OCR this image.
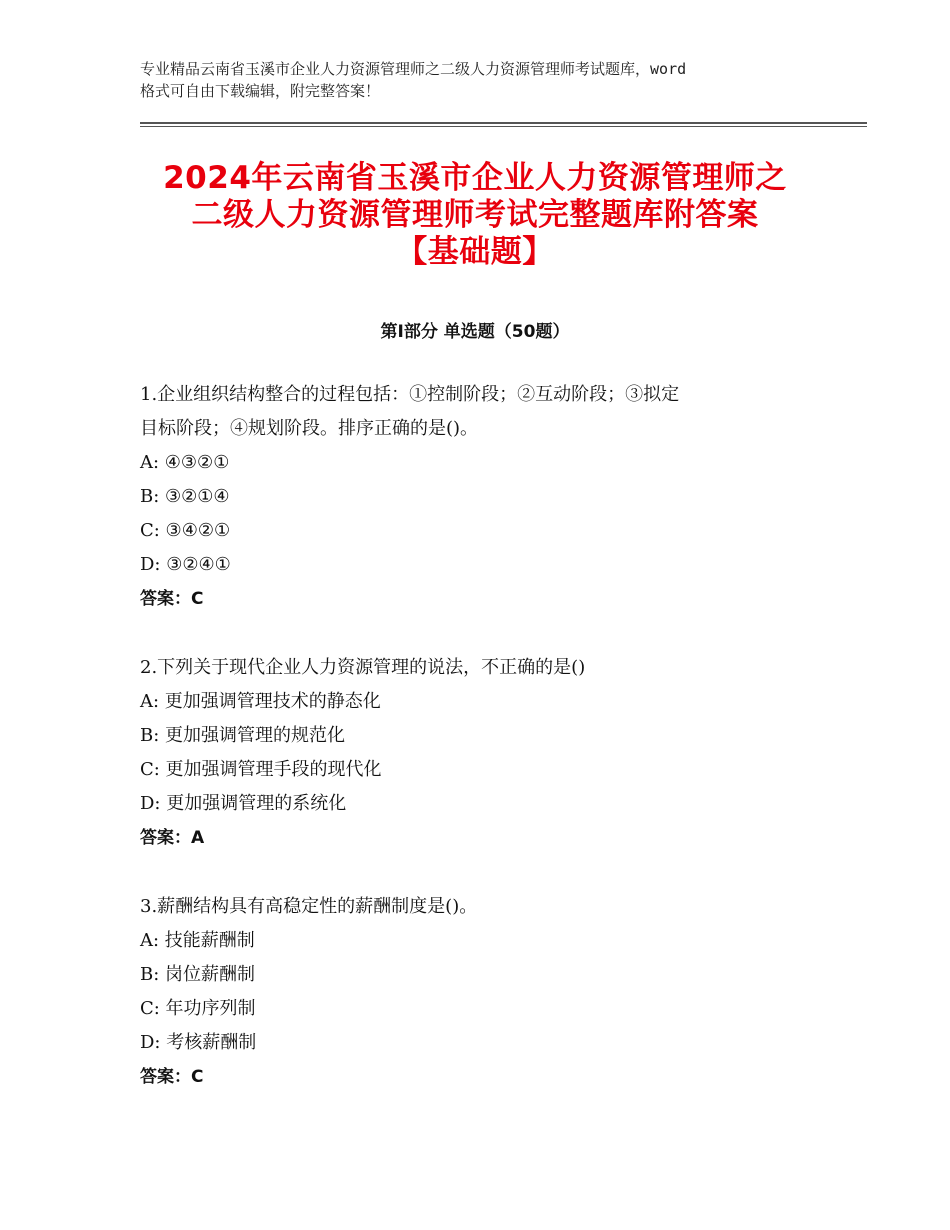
专业精品云南省玉溪市企业人力资源管理师之二级人力资源管理师考试题库，word
格式可自由下载编辑，附完整答案！
2024年云南省玉溪市企业人力资源管理师之
二级人力资源管理师考试完整题库附答案
【基础题】
第Ⅰ部分 单选题（50题）
1.企业组织结构整合的过程包括：①控制阶段；②互动阶段；③拟定
目标阶段；④规划阶段。排序正确的是()。
A: ④③②①
B: ③②①④
C: ③④②①
D: ③②④①
答案：C
2.下列关于现代企业人力资源管理的说法，不正确的是()
A: 更加强调管理技术的静态化
B: 更加强调管理的规范化
C: 更加强调管理手段的现代化
D: 更加强调管理的系统化
答案：A
3.薪酬结构具有高稳定性的薪酬制度是()。
A: 技能薪酬制
B: 岗位薪酬制
C: 年功序列制
D: 考核薪酬制
答案：C
